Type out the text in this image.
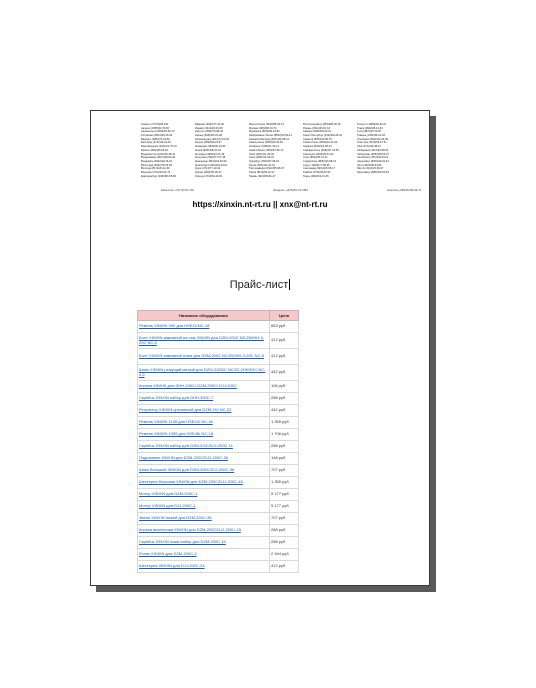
Алматы (7273)495-231
Ангарск (3955)60-70-56
Архангельск (8182)63-90-72
Астрахань (8512)99-46-04
Барнаул (3852)73-04-60
Белгород (4722)40-23-64
Благовещенск (4162)22-76-07
Брянск (4832)59-03-52
Владивосток (423)249-28-31
Владикавказ (8672)28-90-48
Владимир (4922)49-43-18
Волгоград (844)278-03-48
Вологда (8172)26-41-59
Воронеж (473)204-51-73
Екатеринбург (343)384-55-89
Иваново (4932)77-34-06
Ижевск (3412)26-03-58
Иркутск (395)279-98-46
Казань (843)206-01-48
Калининград (4012)72-03-81
Калуга (4842)92-23-67
Кемерово (3842)65-04-62
Киров (8332)68-02-04
Коломна (4966)23-41-49
Кострома (4942)77-07-48
Краснодар (861)203-40-90
Красноярск (391)204-63-61
Курск (4712)77-13-04
Курган (3522)50-90-47
Липецк (4742)52-20-81
Магнитогорск (3519)55-03-13
Москва (495)268-04-70
Мурманск (8152)59-64-93
Набережные Челны (8552)20-53-41
Нижний Новгород (831)429-08-12
Новокузнецк (3843)20-46-81
Ноябрьск (3496)41-32-12
Новосибирск (383)227-86-73
Омск (3812)21-46-40
Орел (4862)44-53-42
Оренбург (3532)37-68-04
Пенза (8412)22-31-16
Петрозаводск (8142)55-98-37
Псков (8112)59-10-37
Пермь (342)205-81-47
Ростов-на-Дону (863)308-18-15
Рязань (4912)46-61-64
Самара (846)206-03-16
Санкт-Петербург (812)309-46-40
Саратов (845)249-38-78
Севастополь (8692)22-31-93
Саранск (8342)22-96-24
Симферополь (3652)67-13-56
Смоленск (4812)29-41-54
Сочи (862)225-72-31
Ставрополь (8652)20-65-13
Сургут (3462)77-98-35
Сыктывкар (8212)25-95-17
Тамбов (4752)50-40-97
Тверь (4822)63-31-35
Тольятти (8482)63-91-07
Томск (3822)98-41-53
Тула (4872)33-79-87
Тюмень (3452)66-21-18
Ульяновск (8422)24-23-59
Улан-Удэ (3012)59-97-51
Уфа (347)229-48-12
Хабаровск (4212)92-98-04
Чебоксары (8352)28-53-07
Челябинск (351)202-03-61
Череповец (8202)49-02-64
Чита (3022)38-34-83
Якутск (4112)23-90-97
Ярославль (4852)69-52-93
Казахстан +7(7172)727-132	Беларусь +(375)257-127-884	Киргизия +996(312)96-26-47
https://xinxin.nt-rt.ru || xnx@nt-rt.ru
Прайс-лист
Название оборудования	Цена
Ремень XINXIN 900 для HSE11/NC-18	663 руб
Болт XINXIN зажимной на нож XINXIN для DZM-200С NC/200HH-3-20C NC-5	412 руб
Болт XINXIN зажимной ножа для DZM-200С NC/200HH-3-20C NC-5	412 руб
Шнек XINXIN режущий малый для DZM-2/200C NC/22-2НК/2НС NC-4.5	442 руб
Кнопка XINXIN для DHH-240C/ DZM-200C/ DJJ-200C	118 руб
Скребок XINXIN набор для DHH-300C-7	288 руб
Регулятор XINXIN срезанный для DZM-2H/ NC-22	442 руб
Ремень XINXIN 1145 для HSE24/ NC-18	1 355 руб
Ремень XINXIN 1395 для HSE48/ NC-18	1 706 руб
Скребок XINXIN набор для DZM-2/3C/DJJ-200C-11	288 руб
Подшипник XINXIN для DZM-200C/DJJ-200C-35	148 руб
Шнек большой XINXIN для DZM-200C/DJJ-200C-38	707 руб
Шестерня большая XINXIN для DZM-200C/DJJ-200C-45	1 355 руб
Мотор XINXIN для DZM-200C-1	5 177 руб
Мотор XINXIN для DJJ-200C-1	5 177 руб
Звено XINXIN ножей для DZM-200C-36	707 руб
Кнопка включения XINXIN для DZM-200C/DJJ-200C-15	288 руб
Скребок XINXIN ножи набор для DZM-200C-10	288 руб
Ролик XINXIN для DZM-200C-3	2 944 руб
Шестерня XINXIN для DJJ-200C-24	412 руб
